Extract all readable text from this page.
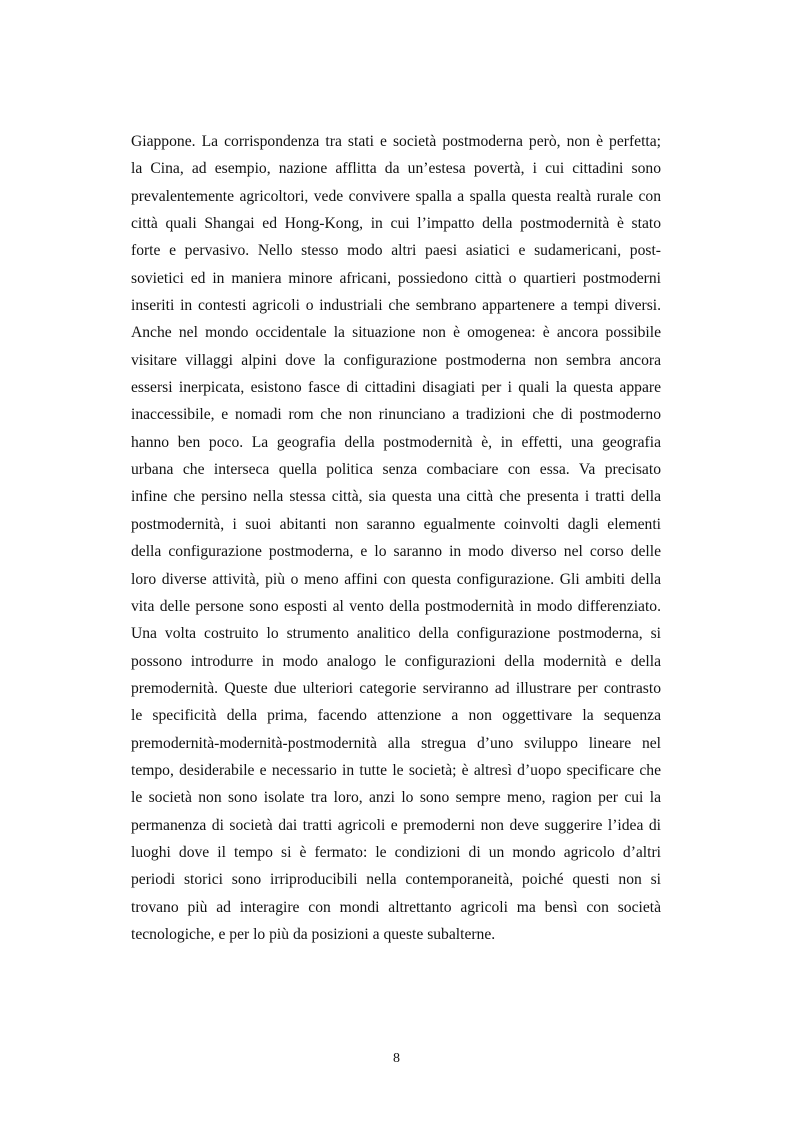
Giappone. La corrispondenza tra stati e società postmoderna però, non è perfetta;
la Cina, ad esempio, nazione afflitta da un’estesa povertà, i cui cittadini sono
prevalentemente agricoltori, vede convivere spalla a spalla questa realtà rurale con
città quali Shangai ed Hong-Kong, in cui l’impatto della postmodernità è stato
forte e pervasivo. Nello stesso modo altri paesi asiatici e sudamericani, post-
sovietici ed in maniera minore africani, possiedono città o quartieri postmoderni
inseriti in contesti agricoli o industriali che sembrano appartenere a tempi diversi.
Anche nel mondo occidentale la situazione non è omogenea: è ancora possibile
visitare villaggi alpini dove la configurazione postmoderna non sembra ancora
essersi inerpicata, esistono fasce di cittadini disagiati per i quali la questa appare
inaccessibile, e nomadi rom che non rinunciano a tradizioni che di postmoderno
hanno ben poco. La geografia della postmodernità è, in effetti, una geografia
urbana che interseca quella politica senza combaciare con essa. Va precisato
infine che persino nella stessa città, sia questa una città che presenta i tratti della
postmodernità, i suoi abitanti non saranno egualmente coinvolti dagli elementi
della configurazione postmoderna, e lo saranno in modo diverso nel corso delle
loro diverse attività, più o meno affini con questa configurazione. Gli ambiti della
vita delle persone sono esposti al vento della postmodernità in modo differenziato.
Una volta costruito lo strumento analitico della configurazione postmoderna, si
possono introdurre in modo analogo le configurazioni della modernità e della
premodernità. Queste due ulteriori categorie serviranno ad illustrare per contrasto
le specificità della prima, facendo attenzione a non oggettivare la sequenza
premodernità-modernità-postmodernità alla stregua d’uno sviluppo lineare nel
tempo, desiderabile e necessario in tutte le società; è altresì d’uopo specificare che
le società non sono isolate tra loro, anzi lo sono sempre meno, ragion per cui la
permanenza di società dai tratti agricoli e premoderni non deve suggerire l’idea di
luoghi dove il tempo si è fermato: le condizioni di un mondo agricolo d’altri
periodi storici sono irriproducibili nella contemporaneità, poiché questi non si
trovano più ad interagire con mondi altrettanto agricoli ma bensì con società
tecnologiche, e per lo più da posizioni a queste subalterne.
8
